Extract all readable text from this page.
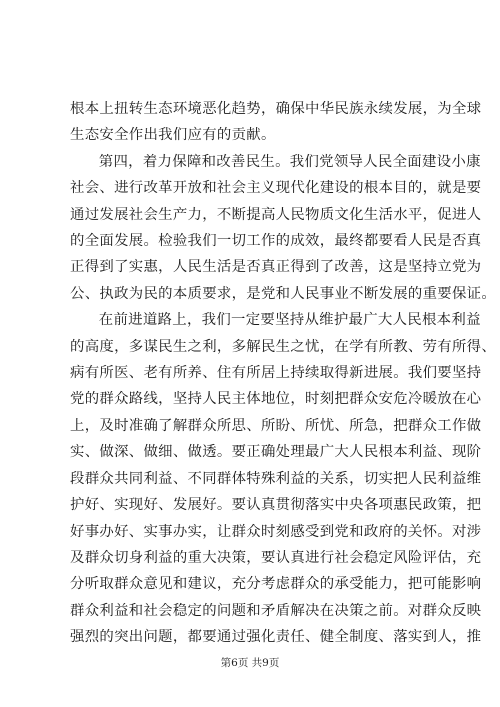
根本上扭转生态环境恶化趋势，确保中华民族永续发展，为全球
生态安全作出我们应有的贡献。

第四，着力保障和改善民生。我们党领导人民全面建设小康
社会、进行改革开放和社会主义现代化建设的根本目的，就是要
通过发展社会生产力，不断提高人民物质文化生活水平，促进人
的全面发展。检验我们一切工作的成效，最终都要看人民是否真
正得到了实惠，人民生活是否真正得到了改善，这是坚持立党为
公、执政为民的本质要求，是党和人民事业不断发展的重要保证。

在前进道路上，我们一定要坚持从维护最广大人民根本利益
的高度，多谋民生之利，多解民生之忧，在学有所教、劳有所得、
病有所医、老有所养、住有所居上持续取得新进展。我们要坚持
党的群众路线，坚持人民主体地位，时刻把群众安危冷暖放在心
上，及时准确了解群众所思、所盼、所忧、所急，把群众工作做
实、做深、做细、做透。要正确处理最广大人民根本利益、现阶
段群众共同利益、不同群体特殊利益的关系，切实把人民利益维
护好、实现好、发展好。要认真贯彻落实中央各项惠民政策，把
好事办好、实事办实，让群众时刻感受到党和政府的关怀。对涉
及群众切身利益的重大决策，要认真进行社会稳定风险评估，充
分听取群众意见和建议，充分考虑群众的承受能力，把可能影响
群众利益和社会稳定的问题和矛盾解决在决策之前。对群众反映
强烈的突出问题，都要通过强化责任、健全制度、落实到人，推

第6页 共9页
